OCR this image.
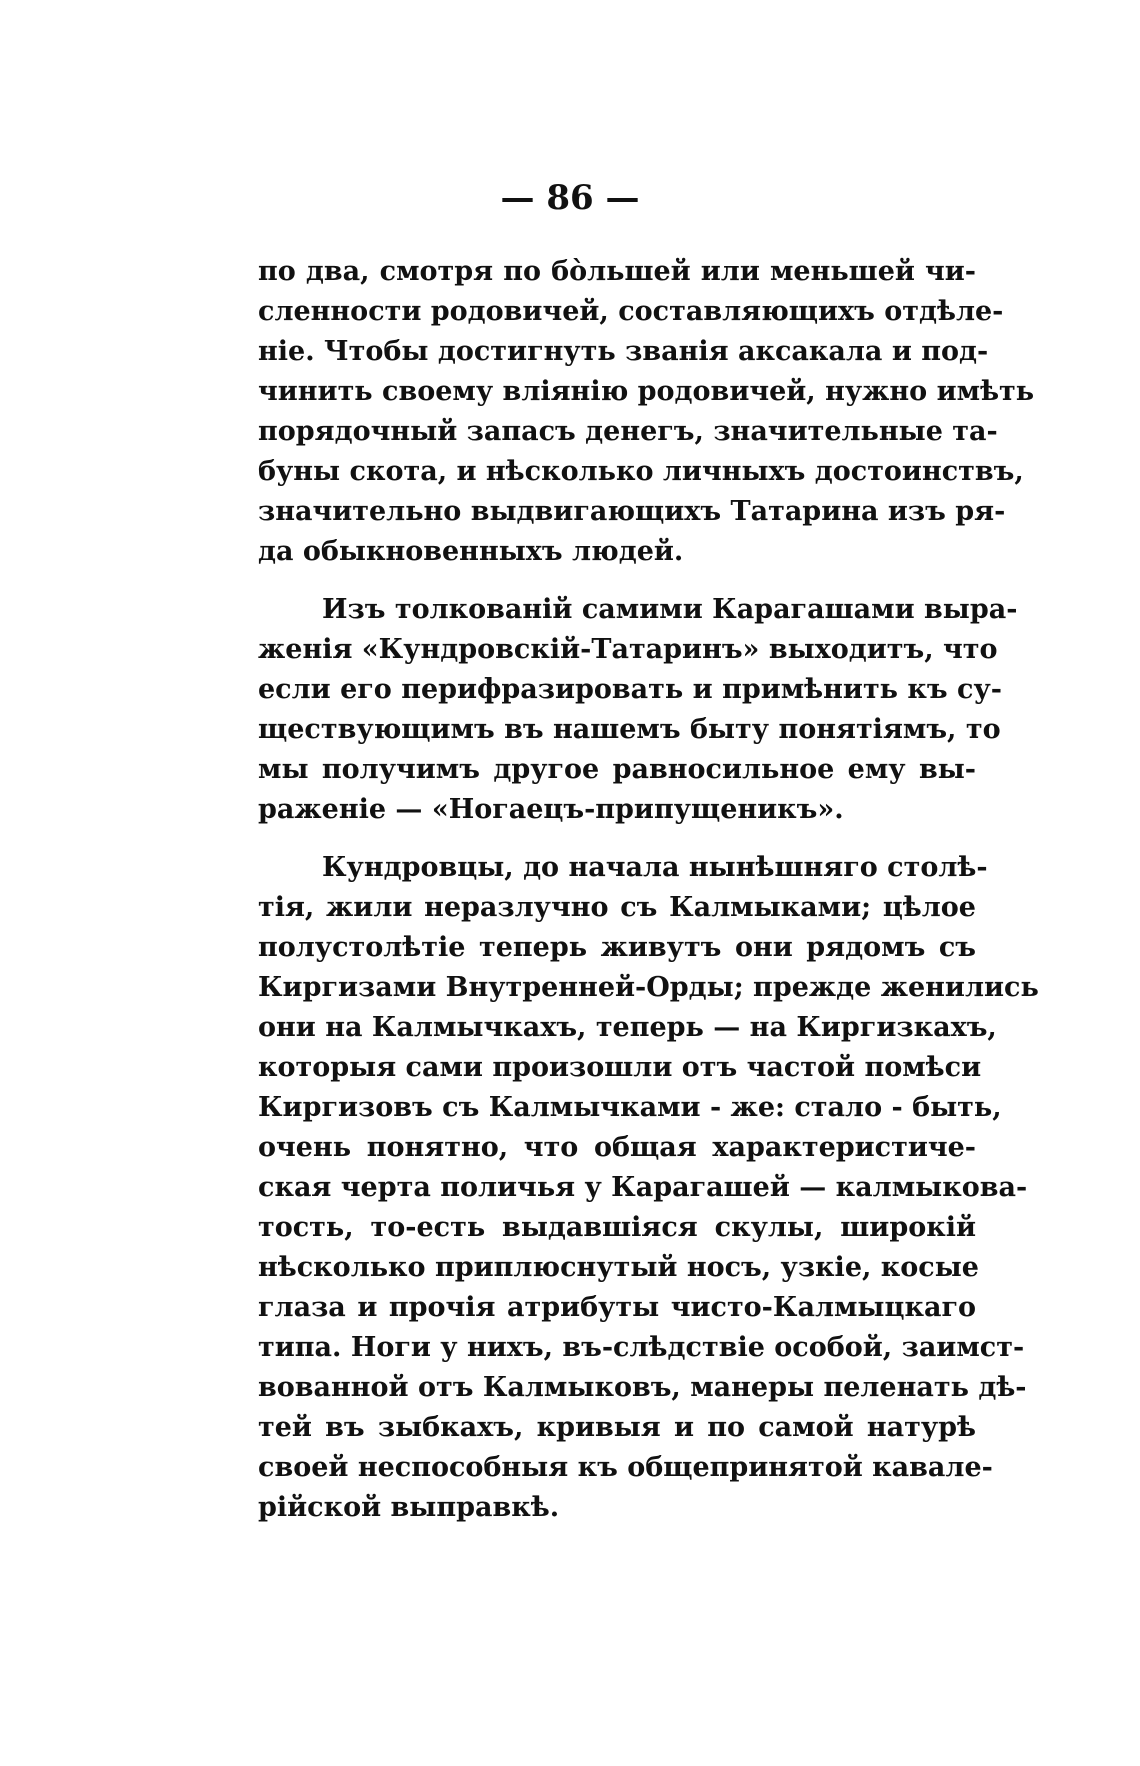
— 86 —
по два, смотря по бо̀льшей или меньшей чи-
сленности родовичей, составляющихъ отдѣле-
ніе. Чтобы достигнуть званія аксакала и под-
чинить своему вліянію родовичей, нужно имѣть
порядочный запасъ денегъ, значительные та-
буны скота, и нѣсколько личныхъ достоинствъ,
значительно выдвигающихъ Татарина изъ ря-
да обыкновенныхъ людей.
Изъ толкованій самими Карагашами выра-
женія «Кундровскій-Татаринъ» выходитъ, что
если его перифразировать и примѣнить къ су-
ществующимъ въ нашемъ быту понятіямъ, то
мы получимъ другое равносильное ему вы-
раженіе — «Ногаецъ-припущеникъ».
Кундровцы, до начала нынѣшняго столѣ-
тія, жили неразлучно съ Калмыками; цѣлое
полустолѣтіе теперь живутъ они рядомъ съ
Киргизами Внутренней-Орды; прежде женились
они на Калмычкахъ, теперь — на Киргизкахъ,
которыя сами произошли отъ частой помѣси
Киргизовъ съ Калмычками - же: стало - быть,
очень понятно, что общая характеристиче-
ская черта поличья у Карагашей — калмыкова-
тость, то-есть выдавшіяся скулы, широкій
нѣсколько приплюснутый носъ, узкіе, косые
глаза и прочія атрибуты чисто-Калмыцкаго
типа. Ноги у нихъ, въ-слѣдствіе особой, заимст-
вованной отъ Калмыковъ, манеры пеленать дѣ-
тей въ зыбкахъ, кривыя и по самой натурѣ
своей неспособныя къ общепринятой кавале-
рійской выправкѣ.
